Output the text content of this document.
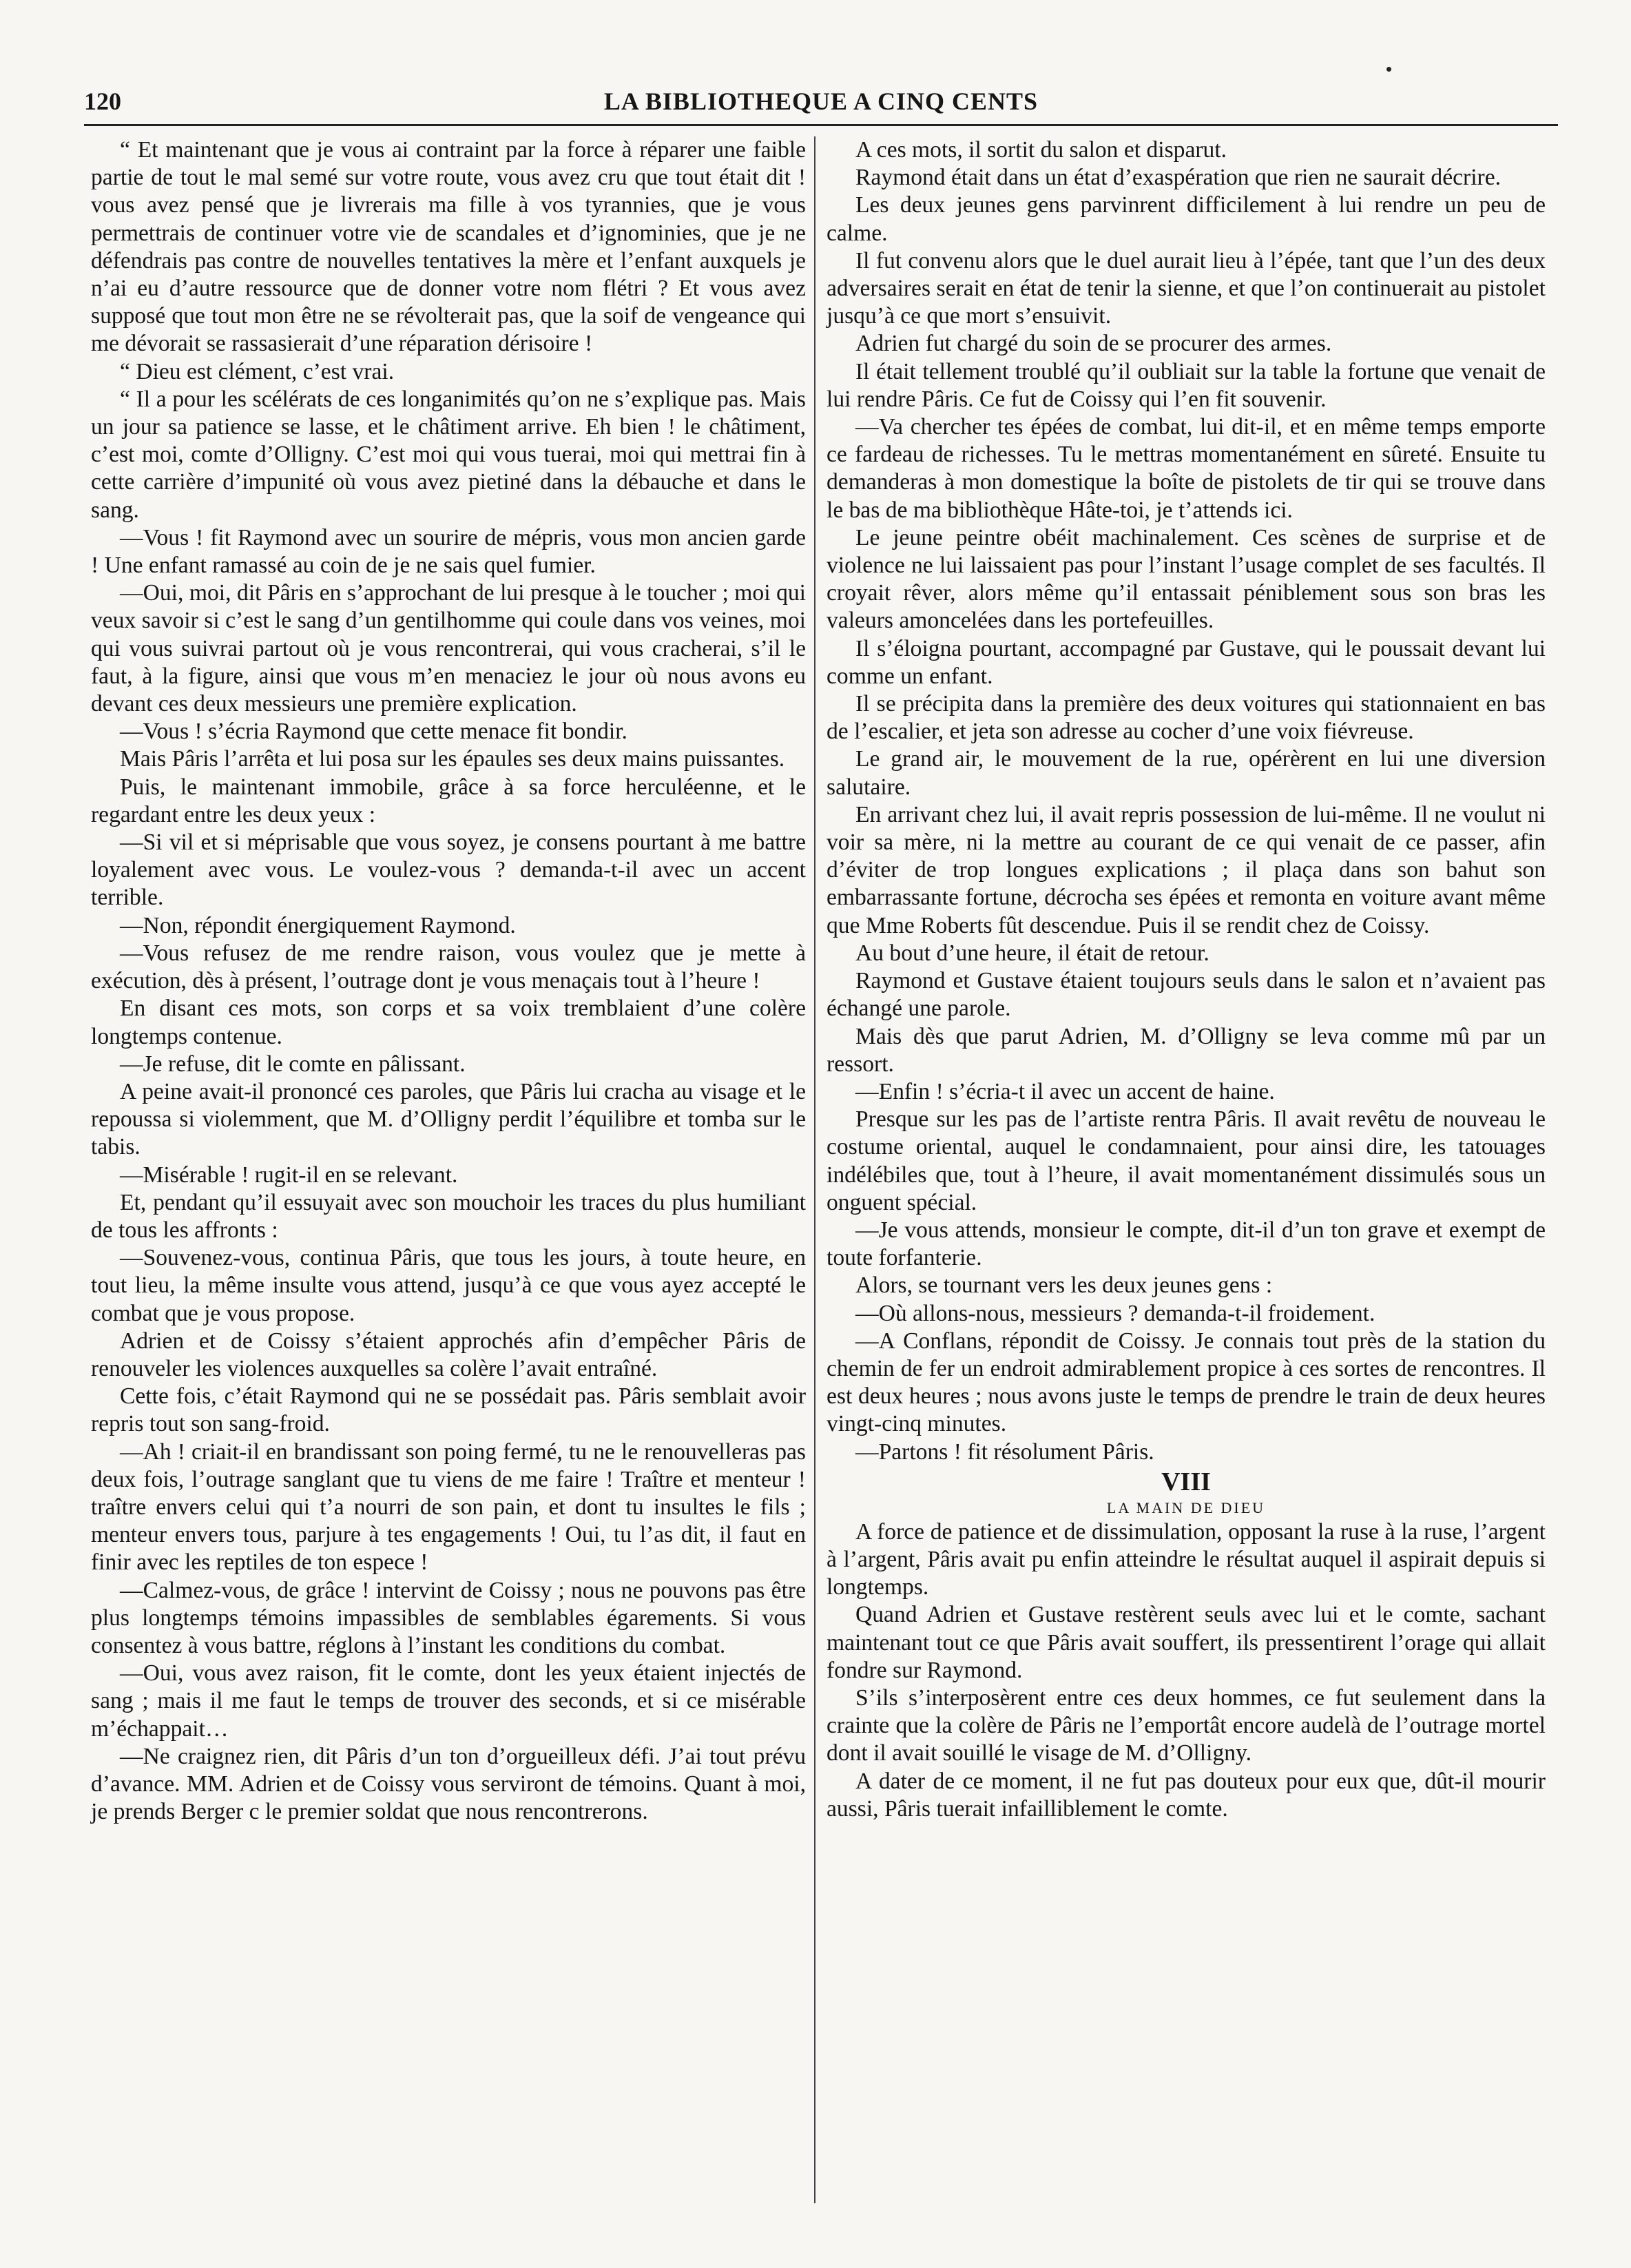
120	LA BIBLIOTHEQUE A CINQ CENTS

“ Et maintenant que je vous ai contraint par la force à réparer une faible partie de tout le mal semé sur votre route, vous avez cru que tout était dit ! vous avez pensé que je livrerais ma fille à vos tyrannies, que je vous permettrais de continuer votre vie de scandales et d’ignominies, que je ne défendrais pas contre de nouvelles tentatives la mère et l’enfant auxquels je n’ai eu d’autre ressource que de donner votre nom flétri ? Et vous avez supposé que tout mon être ne se révolterait pas, que la soif de vengeance qui me dévorait se rassasierait d’une réparation dérisoire !

“ Dieu est clément, c’est vrai.

“ Il a pour les scélérats de ces longanimités qu’on ne s’explique pas. Mais un jour sa patience se lasse, et le châtiment arrive. Eh bien ! le châtiment, c’est moi, comte d’Olligny. C’est moi qui vous tuerai, moi qui mettrai fin à cette carrière d’impunité où vous avez pietiné dans la débauche et dans le sang.

—Vous ! fit Raymond avec un sourire de mépris, vous mon ancien garde ! Une enfant ramassé au coin de je ne sais quel fumier.

—Oui, moi, dit Pâris en s’approchant de lui presque à le toucher ; moi qui veux savoir si c’est le sang d’un gentilhomme qui coule dans vos veines, moi qui vous suivrai partout où je vous rencontrerai, qui vous cracherai, s’il le faut, à la figure, ainsi que vous m’en menaciez le jour où nous avons eu devant ces deux messieurs une première explication.

—Vous ! s’écria Raymond que cette menace fit bondir.

Mais Pâris l’arrêta et lui posa sur les épaules ses deux mains puissantes.

Puis, le maintenant immobile, grâce à sa force herculéenne, et le regardant entre les deux yeux :

—Si vil et si méprisable que vous soyez, je consens pourtant à me battre loyalement avec vous. Le voulez-vous ? demanda-t-il avec un accent terrible.

—Non, répondit énergiquement Raymond.

—Vous refusez de me rendre raison, vous voulez que je mette à exécution, dès à présent, l’outrage dont je vous menaçais tout à l’heure !

En disant ces mots, son corps et sa voix tremblaient d’une colère longtemps contenue.

—Je refuse, dit le comte en pâlissant.

A peine avait-il prononcé ces paroles, que Pâris lui cracha au visage et le repoussa si violemment, que M. d’Olligny perdit l’équilibre et tomba sur le tabis.

—Misérable ! rugit-il en se relevant.

Et, pendant qu’il essuyait avec son mouchoir les traces du plus humiliant de tous les affronts :

—Souvenez-vous, continua Pâris, que tous les jours, à toute heure, en tout lieu, la même insulte vous attend, jusqu’à ce que vous ayez accepté le combat que je vous propose.

Adrien et de Coissy s’étaient approchés afin d’empêcher Pâris de renouveler les violences auxquelles sa colère l’avait entraîné.

Cette fois, c’était Raymond qui ne se possédait pas. Pâris semblait avoir repris tout son sang-froid.

—Ah ! criait-il en brandissant son poing fermé, tu ne le renouvelleras pas deux fois, l’outrage sanglant que tu viens de me faire ! Traître et menteur ! traître envers celui qui t’a nourri de son pain, et dont tu insultes le fils ; menteur envers tous, parjure à tes engagements ! Oui, tu l’as dit, il faut en finir avec les reptiles de ton espece !

—Calmez-vous, de grâce ! intervint de Coissy ; nous ne pouvons pas être plus longtemps témoins impassibles de semblables égarements. Si vous consentez à vous battre, réglons à l’instant les conditions du combat.

—Oui, vous avez raison, fit le comte, dont les yeux étaient injectés de sang ; mais il me faut le temps de trouver des seconds, et si ce misérable m’échappait…

—Ne craignez rien, dit Pâris d’un ton d’orgueilleux défi. J’ai tout prévu d’avance. MM. Adrien et de Coissy vous serviront de témoins. Quant à moi, je prends Berger c le premier soldat que nous rencontrerons.

A ces mots, il sortit du salon et disparut.

Raymond était dans un état d’exaspération que rien ne saurait décrire.

Les deux jeunes gens parvinrent difficilement à lui rendre un peu de calme.

Il fut convenu alors que le duel aurait lieu à l’épée, tant que l’un des deux adversaires serait en état de tenir la sienne, et que l’on continuerait au pistolet jusqu’à ce que mort s’ensuivit.

Adrien fut chargé du soin de se procurer des armes.

Il était tellement troublé qu’il oubliait sur la table la fortune que venait de lui rendre Pâris. Ce fut de Coissy qui l’en fit souvenir.

—Va chercher tes épées de combat, lui dit-il, et en même temps emporte ce fardeau de richesses. Tu le mettras momentanément en sûreté. Ensuite tu demanderas à mon domestique la boîte de pistolets de tir qui se trouve dans le bas de ma bibliothèque Hâte-toi, je t’attends ici.

Le jeune peintre obéit machinalement. Ces scènes de surprise et de violence ne lui laissaient pas pour l’instant l’usage complet de ses facultés. Il croyait rêver, alors même qu’il entassait péniblement sous son bras les valeurs amoncelées dans les portefeuilles.

Il s’éloigna pourtant, accompagné par Gustave, qui le poussait devant lui comme un enfant.

Il se précipita dans la première des deux voitures qui stationnaient en bas de l’escalier, et jeta son adresse au cocher d’une voix fiévreuse.

Le grand air, le mouvement de la rue, opérèrent en lui une diversion salutaire.

En arrivant chez lui, il avait repris possession de lui-même. Il ne voulut ni voir sa mère, ni la mettre au courant de ce qui venait de ce passer, afin d’éviter de trop longues explications ; il plaça dans son bahut son embarrassante fortune, décrocha ses épées et remonta en voiture avant même que Mme Roberts fût descendue. Puis il se rendit chez de Coissy.

Au bout d’une heure, il était de retour.

Raymond et Gustave étaient toujours seuls dans le salon et n’avaient pas échangé une parole.

Mais dès que parut Adrien, M. d’Olligny se leva comme mû par un ressort.

—Enfin ! s’écria-t il avec un accent de haine.

Presque sur les pas de l’artiste rentra Pâris. Il avait revêtu de nouveau le costume oriental, auquel le condamnaient, pour ainsi dire, les tatouages indélébiles que, tout à l’heure, il avait momentanément dissimulés sous un onguent spécial.

—Je vous attends, monsieur le compte, dit-il d’un ton grave et exempt de toute forfanterie.

Alors, se tournant vers les deux jeunes gens :

—Où allons-nous, messieurs ? demanda-t-il froidement.

—A Conflans, répondit de Coissy. Je connais tout près de la station du chemin de fer un endroit admirablement propice à ces sortes de rencontres. Il est deux heures ; nous avons juste le temps de prendre le train de deux heures vingt-cinq minutes.

—Partons ! fit résolument Pâris.

VIII

LA MAIN DE DIEU

A force de patience et de dissimulation, opposant la ruse à la ruse, l’argent à l’argent, Pâris avait pu enfin atteindre le résultat auquel il aspirait depuis si longtemps.

Quand Adrien et Gustave restèrent seuls avec lui et le comte, sachant maintenant tout ce que Pâris avait souffert, ils pressentirent l’orage qui allait fondre sur Raymond.

S’ils s’interposèrent entre ces deux hommes, ce fut seulement dans la crainte que la colère de Pâris ne l’emportât encore audelà de l’outrage mortel dont il avait souillé le visage de M. d’Olligny.

A dater de ce moment, il ne fut pas douteux pour eux que, dût-il mourir aussi, Pâris tuerait infailliblement le comte.
